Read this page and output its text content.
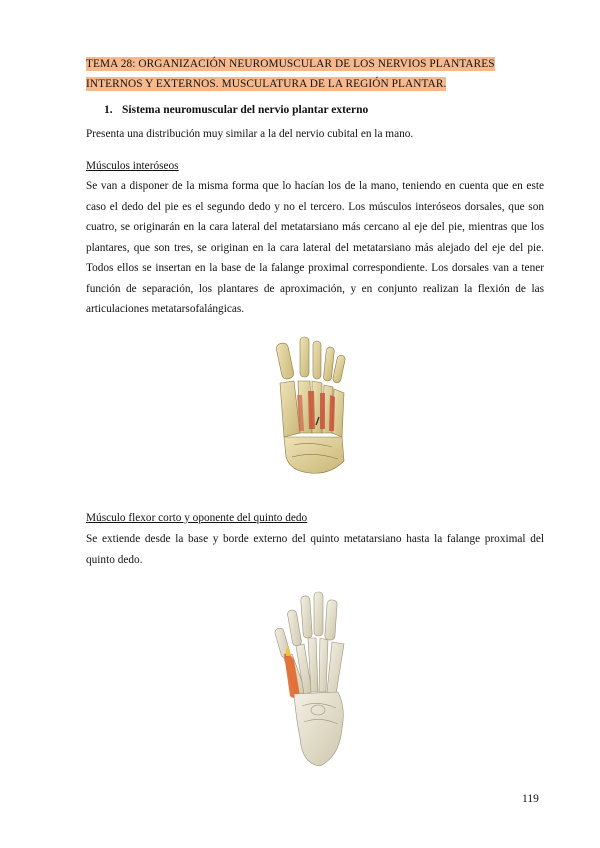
TEMA 28: ORGANIZACIÓN NEUROMUSCULAR DE LOS NERVIOS PLANTARES INTERNOS Y EXTERNOS. MUSCULATURA DE LA REGIÓN PLANTAR.
1. Sistema neuromuscular del nervio plantar externo
Presenta una distribución muy similar a la del nervio cubital en la mano.
Músculos interóseos
Se van a disponer de la misma forma que lo hacían los de la mano, teniendo en cuenta que en este caso el dedo del pie es el segundo dedo y no el tercero. Los músculos interóseos dorsales, que son cuatro, se originarán en la cara lateral del metatarsiano más cercano al eje del pie, mientras que los plantares, que son tres, se originan en la cara lateral del metatarsiano más alejado del eje del pie. Todos ellos se insertan en la base de la falange proximal correspondiente. Los dorsales van a tener función de separación, los plantares de aproximación, y en conjunto realizan la flexión de las articulaciones metatarsofalángicas.
Músculo flexor corto y oponente del quinto dedo
Se extiende desde la base y borde externo del quinto metatarsiano hasta la falange proximal del quinto dedo.
119
